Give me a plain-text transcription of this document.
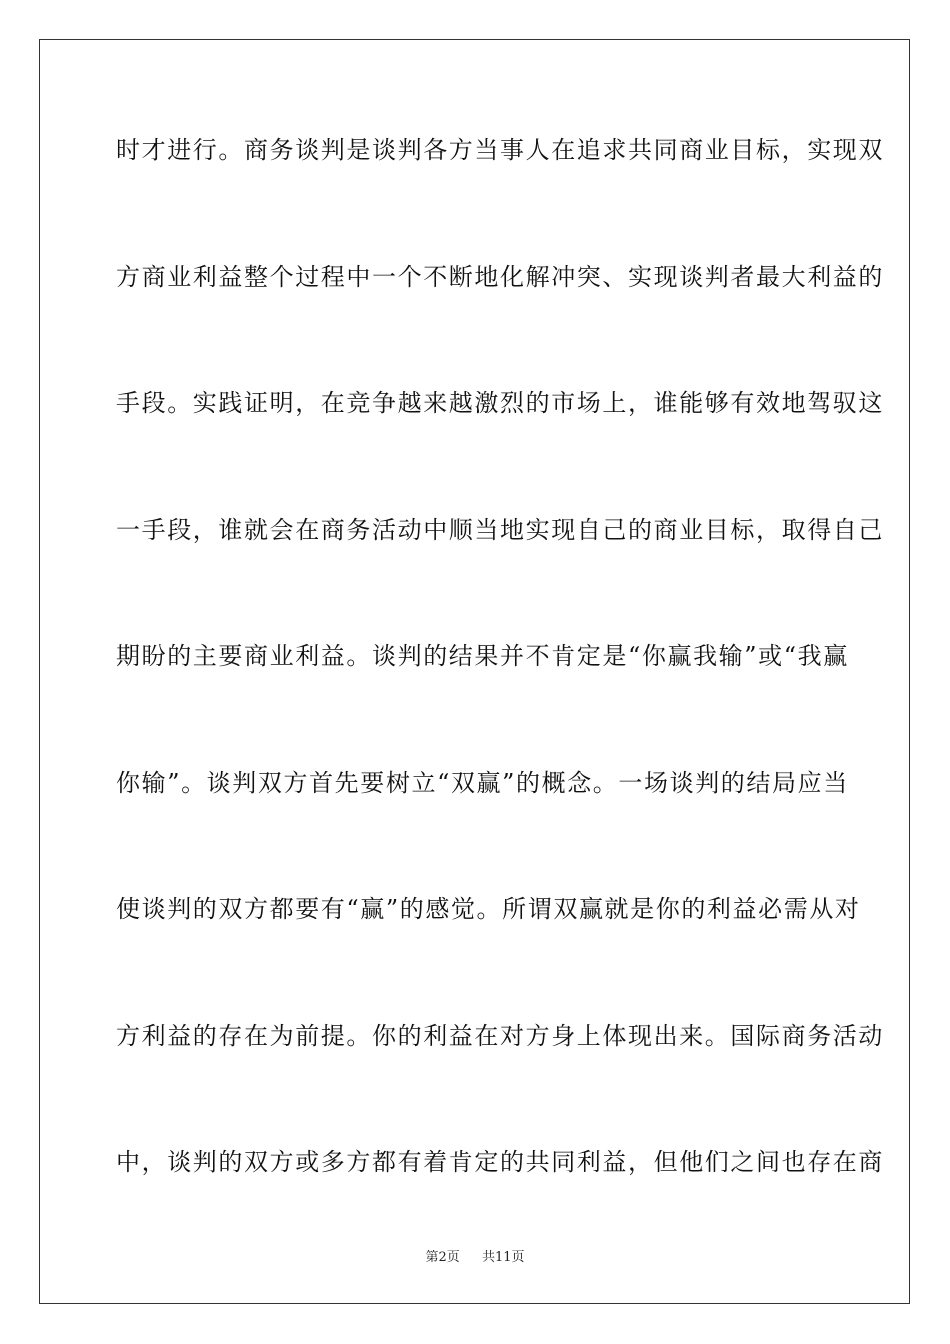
时才进行。商务谈判是谈判各方当事人在追求共同商业目标，实现双

方商业利益整个过程中一个不断地化解冲突、实现谈判者最大利益的

手段。实践证明，在竞争越来越激烈的市场上，谁能够有效地驾驭这

一手段，谁就会在商务活动中顺当地实现自己的商业目标，取得自己

期盼的主要商业利益。谈判的结果并不肯定是“你赢我输”或“我赢

你输”。谈判双方首先要树立“双赢”的概念。一场谈判的结局应当

使谈判的双方都要有“赢”的感觉。所谓双赢就是你的利益必需从对

方利益的存在为前提。你的利益在对方身上体现出来。国际商务活动

中，谈判的双方或多方都有着肯定的共同利益，但他们之间也存在商

第2页 共11页
